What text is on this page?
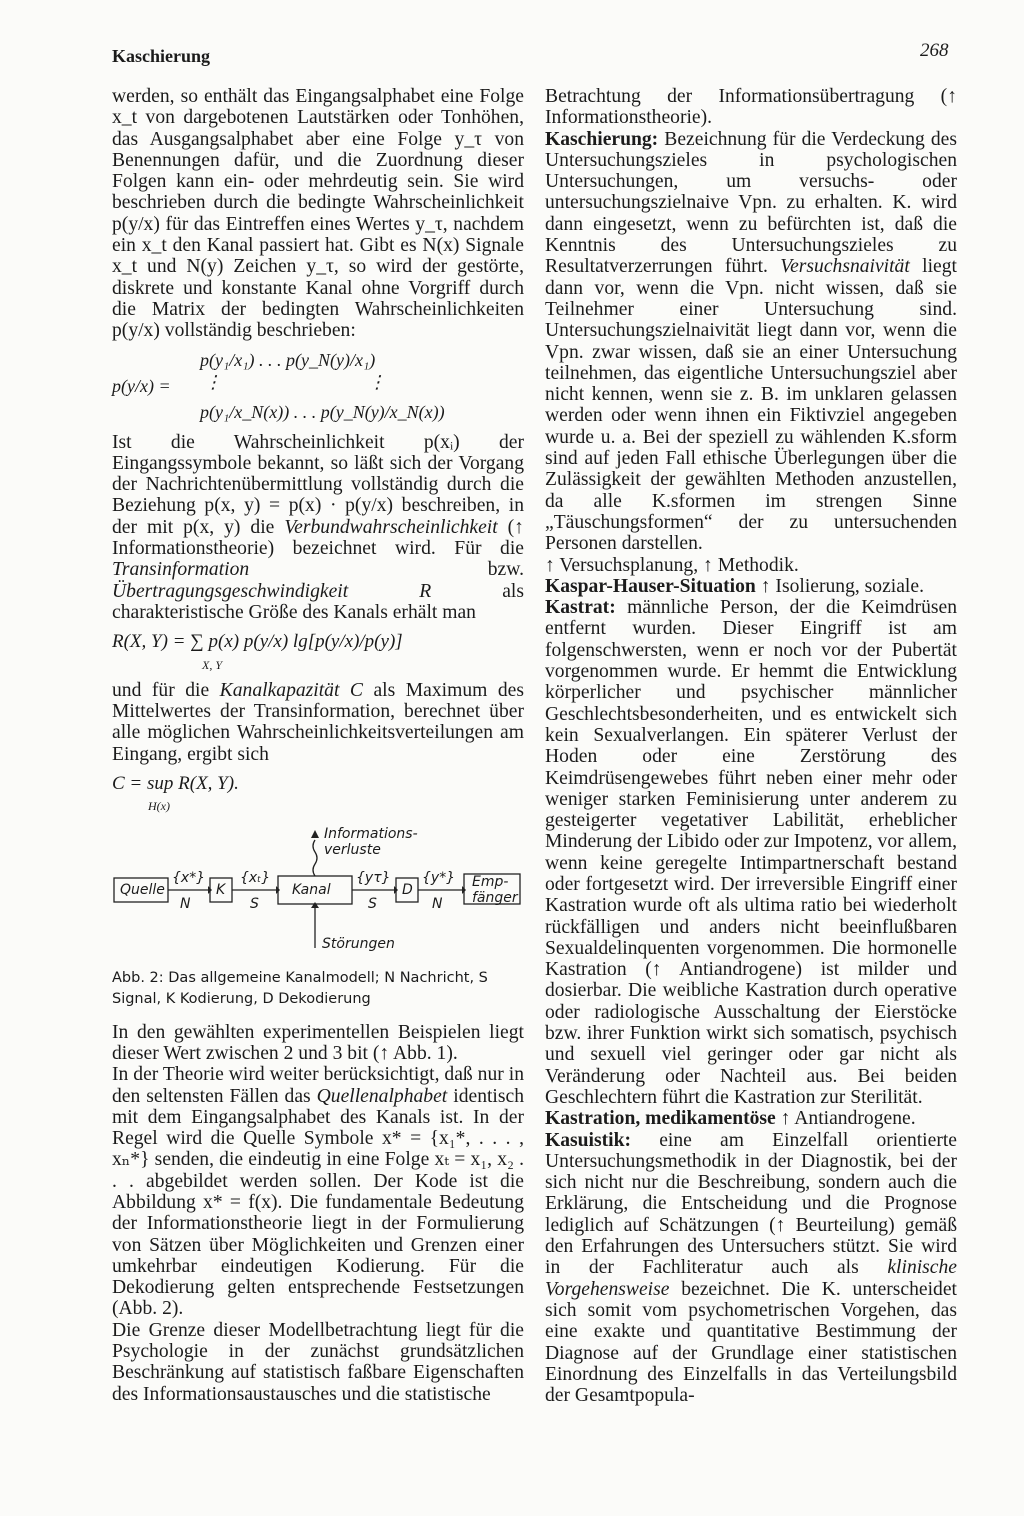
Kaschierung	268

werden, so enthält das Eingangsalphabet eine Folge x_t von dargebotenen Lautstärken oder Tonhöhen, das Ausgangsalphabet aber eine Folge y_τ von Benennungen dafür, und die Zuordnung dieser Folgen kann ein- oder mehrdeutig sein. Sie wird beschrieben durch die bedingte Wahrscheinlichkeit p(y/x) für das Eintreffen eines Wertes y_τ, nachdem ein x_t den Kanal passiert hat. Gibt es N(x) Signale x_t und N(y) Zeichen y_τ, so wird der gestörte, diskrete und konstante Kanal ohne Vorgriff durch die Matrix der bedingten Wahrscheinlichkeiten p(y/x) vollständig beschrieben:

p(y/x) =
p(y₁/x₁) . . . p(y_N(y)/x₁)
⋮	⋮
p(y₁/x_N(x)) . . . p(y_N(y)/x_N(x))

Ist die Wahrscheinlichkeit p(xᵢ) der Eingangssymbole bekannt, so läßt sich der Vorgang der Nachrichtenübermittlung vollständig durch die Beziehung p(x, y) = p(x) · p(y/x) beschreiben, in der mit p(x, y) die Verbundwahrscheinlichkeit (↑ Informationstheorie) bezeichnet wird. Für die Transinformation bzw. Übertragungsgeschwindigkeit R als charakteristische Größe des Kanals erhält man

R(X, Y) = ∑ p(x) p(y/x) lg[p(y/x)/p(y)]
X, Y

und für die Kanalkapazität C als Maximum des Mittelwertes der Transinformation, berechnet über alle möglichen Wahrscheinlichkeitsverteilungen am Eingang, ergibt sich

C = sup R(X, Y).
H(x)
Quelle	K	Kanal	D	Emp-
fänger
{x*}
N
{xₜ}
S
{yτ}
S
{y*}
N
Informations-
verluste
Störungen
Abb. 2: Das allgemeine Kanalmodell; N Nachricht, S Signal, K Kodierung, D Dekodierung

In den gewählten experimentellen Beispielen liegt dieser Wert zwischen 2 und 3 bit (↑ Abb. 1).

In der Theorie wird weiter berücksichtigt, daß nur in den seltensten Fällen das Quellenalphabet identisch mit dem Eingangsalphabet des Kanals ist. In der Regel wird die Quelle Symbole x* = {x₁*, . . . , xₙ*} senden, die eindeutig in eine Folge xₜ = x₁, x₂ . . . abgebildet werden sollen. Der Kode ist die Abbildung x* = f(x). Die fundamentale Bedeutung der Informationstheorie liegt in der Formulierung von Sätzen über Möglichkeiten und Grenzen einer umkehrbar eindeutigen Kodierung. Für die Dekodierung gelten entsprechende Festsetzungen (Abb. 2).

Die Grenze dieser Modellbetrachtung liegt für die Psychologie in der zunächst grundsätzlichen Beschränkung auf statistisch faßbare Eigenschaften des Informationsaustausches und die statistische

Betrachtung der Informationsübertragung (↑ Informationstheorie).

Kaschierung: Bezeichnung für die Verdeckung des Untersuchungszieles in psychologischen Untersuchungen, um versuchs- oder untersuchungszielnaive Vpn. zu erhalten. K. wird dann eingesetzt, wenn zu befürchten ist, daß die Kenntnis des Untersuchungszieles zu Resultatverzerrungen führt. Versuchsnaivität liegt dann vor, wenn die Vpn. nicht wissen, daß sie Teilnehmer einer Untersuchung sind. Untersuchungszielnaivität liegt dann vor, wenn die Vpn. zwar wissen, daß sie an einer Untersuchung teilnehmen, das eigentliche Untersuchungsziel aber nicht kennen, wenn sie z. B. im unklaren gelassen werden oder wenn ihnen ein Fiktivziel angegeben wurde u. a. Bei der speziell zu wählenden K.sform sind auf jeden Fall ethische Überlegungen über die Zulässigkeit der gewählten Methoden anzustellen, da alle K.sformen im strengen Sinne „Täuschungsformen“ der zu untersuchenden Personen darstellen.

↑ Versuchsplanung, ↑ Methodik.

Kaspar-Hauser-Situation ↑ Isolierung, soziale.

Kastrat: männliche Person, der die Keimdrüsen entfernt wurden. Dieser Eingriff ist am folgenschwersten, wenn er noch vor der Pubertät vorgenommen wurde. Er hemmt die Entwicklung körperlicher und psychischer männlicher Geschlechtsbesonderheiten, und es entwickelt sich kein Sexualverlangen. Ein späterer Verlust der Hoden oder eine Zerstörung des Keimdrüsengewebes führt neben einer mehr oder weniger starken Feminisierung unter anderem zu gesteigerter vegetativer Labilität, erheblicher Minderung der Libido oder zur Impotenz, vor allem, wenn keine geregelte Intimpartnerschaft bestand oder fortgesetzt wird. Der irreversible Eingriff einer Kastration wurde oft als ultima ratio bei wiederholt rückfälligen und anders nicht beeinflußbaren Sexualdelinquenten vorgenommen. Die hormonelle Kastration (↑ Antiandrogene) ist milder und dosierbar. Die weibliche Kastration durch operative oder radiologische Ausschaltung der Eierstöcke bzw. ihrer Funktion wirkt sich somatisch, psychisch und sexuell viel geringer oder gar nicht als Veränderung oder Nachteil aus. Bei beiden Geschlechtern führt die Kastration zur Sterilität.

Kastration, medikamentöse ↑ Antiandrogene.

Kasuistik: eine am Einzelfall orientierte Untersuchungsmethodik in der Diagnostik, bei der sich nicht nur die Beschreibung, sondern auch die Erklärung, die Entscheidung und die Prognose lediglich auf Schätzungen (↑ Beurteilung) gemäß den Erfahrungen des Untersuchers stützt. Sie wird in der Fachliteratur auch als klinische Vorgehensweise bezeichnet. Die K. unterscheidet sich somit vom psychometrischen Vorgehen, das eine exakte und quantitative Bestimmung der Diagnose auf der Grundlage einer statistischen Einordnung des Einzelfalls in das Verteilungsbild der Gesamtpopula-
